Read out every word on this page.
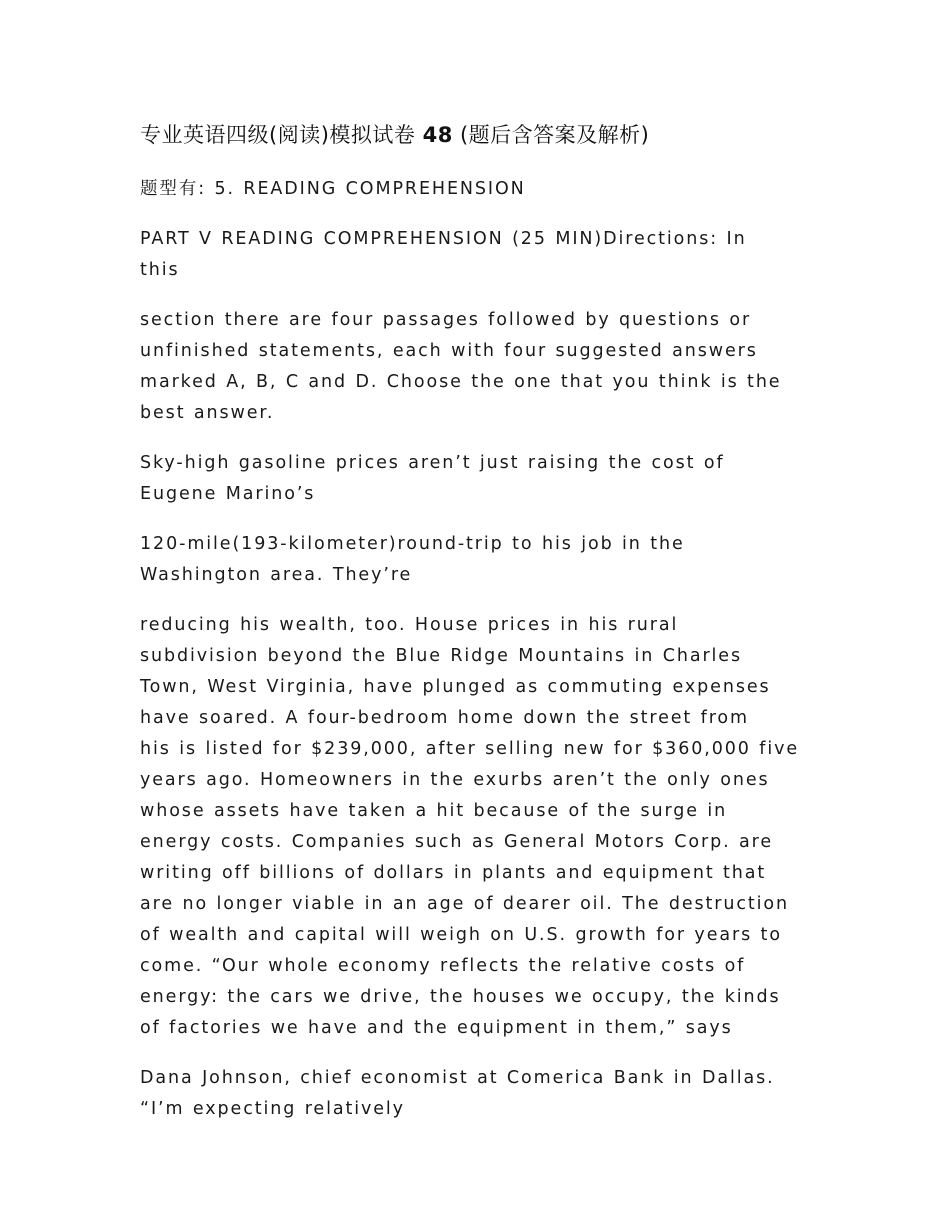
专业英语四级(阅读)模拟试卷 48 (题后含答案及解析)

题型有: 5. READING COMPREHENSION

PART V READING COMPREHENSION (25 MIN)Directions: In
this

section there are four passages followed by questions or
unfinished statements, each with four suggested answers
marked A, B, C and D. Choose the one that you think is the
best answer.

Sky-high gasoline prices aren’t just raising the cost of
Eugene Marino’s

120-mile(193-kilometer)round-trip to his job in the
Washington area. They’re

reducing his wealth, too. House prices in his rural
subdivision beyond the Blue Ridge Mountains in Charles
Town, West Virginia, have plunged as commuting expenses
have soared. A four-bedroom home down the street from
his is listed for $239,000, after selling new for $360,000 five
years ago. Homeowners in the exurbs aren’t the only ones
whose assets have taken a hit because of the surge in
energy costs. Companies such as General Motors Corp. are
writing off billions of dollars in plants and equipment that
are no longer viable in an age of dearer oil. The destruction
of wealth and capital will weigh on U.S. growth for years to
come. “Our whole economy reflects the relative costs of
energy: the cars we drive, the houses we occupy, the kinds
of factories we have and the equipment in them,” says

Dana Johnson, chief economist at Comerica Bank in Dallas.
“I’m expecting relatively
